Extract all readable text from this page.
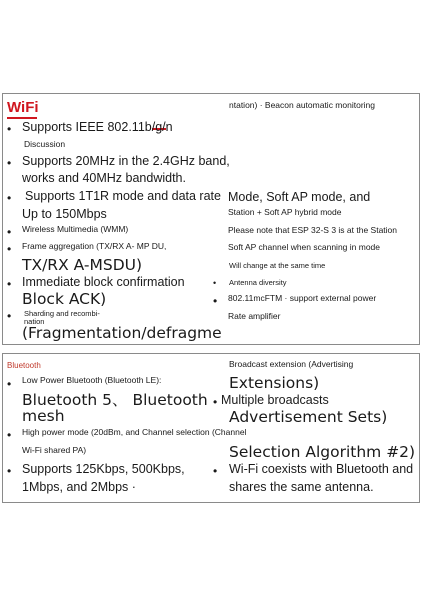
WiFi
• Supports IEEE 802.11b/g/n
Discussion
• Supports 20MHz in the 2.4GHz band,
works and 40MHz bandwidth.
• Supports 1T1R mode and data rate
Up to 150Mbps
• Wireless Multimedia (WMM)
• Frame aggregation (TX/RX A- MP DU,
TX/RX A-MSDU)
• Immediate block confirmation
Block ACK)
• Sharding and recombi-
nation
(Fragmentation/defragme
ntation) · Beacon automatic monitoring
Mode, Soft AP mode, and
Station + Soft AP hybrid mode
Please note that ESP 32-S 3 is at the Station
Soft AP channel when scanning in mode
Will change at the same time
• Antenna diversity
• 802.11mcFTM · support external power
Rate amplifier
Bluetooth
• Low Power Bluetooth (Bluetooth LE):
Bluetooth 5、 Bluetooth
mesh
• High power mode (20dBm, and Channel selection (Channel
Wi-Fi shared PA)
• Supports 125Kbps, 500Kbps,
1Mbps, and 2Mbps ·
Broadcast extension (Advertising
Extensions)
• Multiple broadcasts
Advertisement Sets)
Selection Algorithm #2)
• Wi-Fi coexists with Bluetooth and
shares the same antenna.
